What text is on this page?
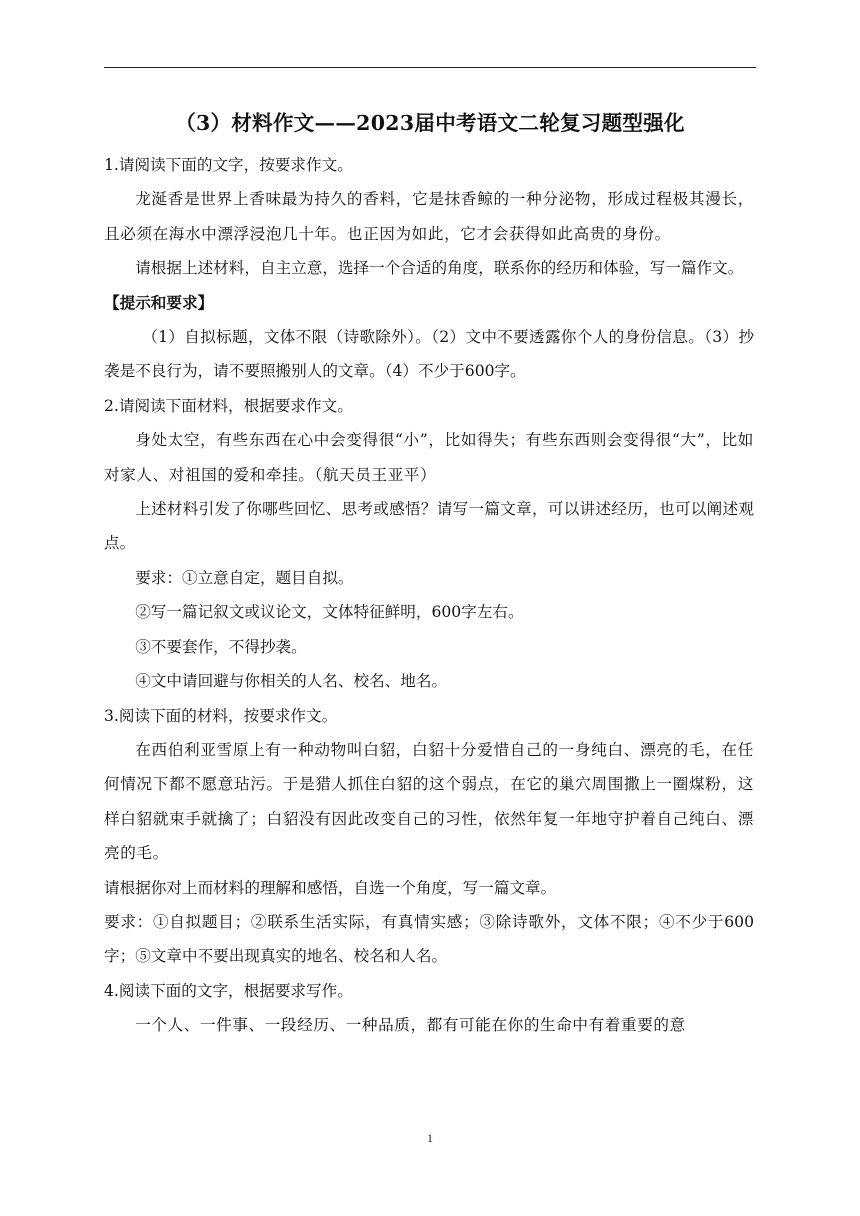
（3）材料作文——2023届中考语文二轮复习题型强化

1.请阅读下面的文字，按要求作文。

龙涎香是世界上香味最为持久的香料，它是抹香鲸的一种分泌物，形成过程极其漫长，且必须在海水中漂浮浸泡几十年。也正因为如此，它才会获得如此高贵的身份。

请根据上述材料，自主立意，选择一个合适的角度，联系你的经历和体验，写一篇作文。

【提示和要求】

（1）自拟标题，文体不限（诗歌除外）。（2）文中不要透露你个人的身份信息。（3）抄袭是不良行为，请不要照搬别人的文章。（4）不少于600字。

2.请阅读下面材料，根据要求作文。

身处太空，有些东西在心中会变得很“小”，比如得失；有些东西则会变得很“大”，比如对家人、对祖国的爱和牵挂。（航天员王亚平）

上述材料引发了你哪些回忆、思考或感悟？请写一篇文章，可以讲述经历，也可以阐述观点。

要求：①立意自定，题目自拟。

②写一篇记叙文或议论文，文体特征鲜明，600字左右。

③不要套作，不得抄袭。

④文中请回避与你相关的人名、校名、地名。

3.阅读下面的材料，按要求作文。

在西伯利亚雪原上有一种动物叫白貂，白貂十分爱惜自己的一身纯白、漂亮的毛，在任何情况下都不愿意玷污。于是猎人抓住白貂的这个弱点，在它的巢穴周围撒上一圈煤粉，这样白貂就束手就擒了；白貂没有因此改变自己的习性，依然年复一年地守护着自己纯白、漂亮的毛。

请根据你对上而材料的理解和感悟，自选一个角度，写一篇文章。

要求：①自拟题目；②联系生活实际，有真情实感；③除诗歌外，文体不限；④不少于600字；⑤文章中不要出现真实的地名、校名和人名。

4.阅读下面的文字，根据要求写作。

一个人、一件事、一段经历、一种品质，都有可能在你的生命中有着重要的意

1
